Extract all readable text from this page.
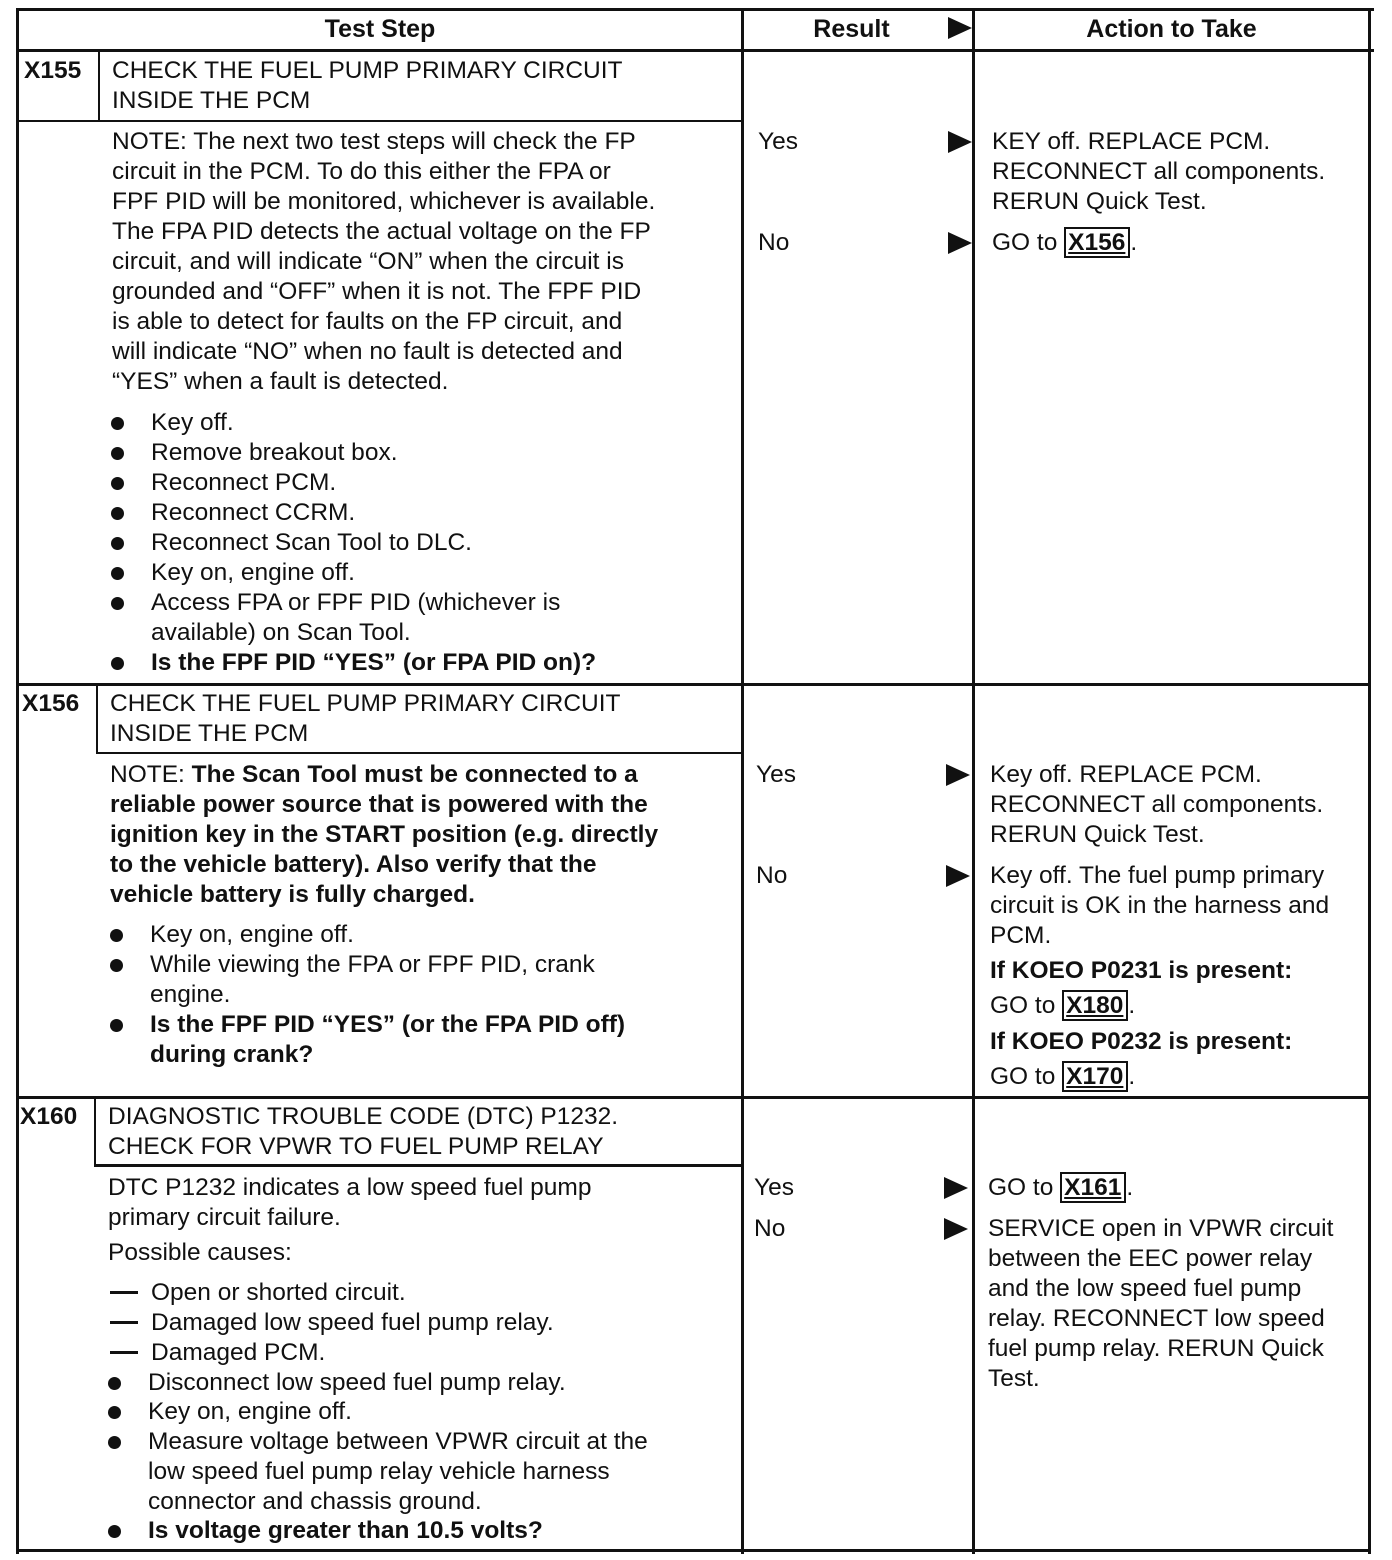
Test Step	Result	Action to Take
X155 CHECK THE FUEL PUMP PRIMARY CIRCUIT
INSIDE THE PCM
NOTE: The next two test steps will check the FP
circuit in the PCM. To do this either the FPA or
FPF PID will be monitored, whichever is available.
The FPA PID detects the actual voltage on the FP
circuit, and will indicate “ON” when the circuit is
grounded and “OFF” when it is not. The FPF PID
is able to detect for faults on the FP circuit, and
will indicate “NO” when no fault is detected and
“YES” when a fault is detected.
Key off.
Remove breakout box.
Reconnect PCM.
Reconnect CCRM.
Reconnect Scan Tool to DLC.
Key on, engine off.
Access FPA or FPF PID (whichever is
available) on Scan Tool.
Is the FPF PID “YES” (or FPA PID on)?
Yes
No
KEY off. REPLACE PCM.
RECONNECT all components.
RERUN Quick Test.
GO to X156 .
X156 CHECK THE FUEL PUMP PRIMARY CIRCUIT
INSIDE THE PCM
NOTE: The Scan Tool must be connected to a
reliable power source that is powered with the
ignition key in the START position (e.g. directly
to the vehicle battery). Also verify that the
vehicle battery is fully charged.
Key on, engine off.
While viewing the FPA or FPF PID, crank
engine.
Is the FPF PID “YES” (or the FPA PID off)
during crank?
Yes
No
Key off. REPLACE PCM.
RECONNECT all components.
RERUN Quick Test.
Key off. The fuel pump primary
circuit is OK in the harness and
PCM.
If KOEO P0231 is present:
GO to X180 .
If KOEO P0232 is present:
GO to X170 .
X160 DIAGNOSTIC TROUBLE CODE (DTC) P1232.
CHECK FOR VPWR TO FUEL PUMP RELAY
DTC P1232 indicates a low speed fuel pump
primary circuit failure.
Possible causes:
Open or shorted circuit.
Damaged low speed fuel pump relay.
Damaged PCM.
Disconnect low speed fuel pump relay.
Key on, engine off.
Measure voltage between VPWR circuit at the
low speed fuel pump relay vehicle harness
connector and chassis ground.
Is voltage greater than 10.5 volts?
Yes
No
GO to X161 .
SERVICE open in VPWR circuit
between the EEC power relay
and the low speed fuel pump
relay. RECONNECT low speed
fuel pump relay. RERUN Quick
Test.
